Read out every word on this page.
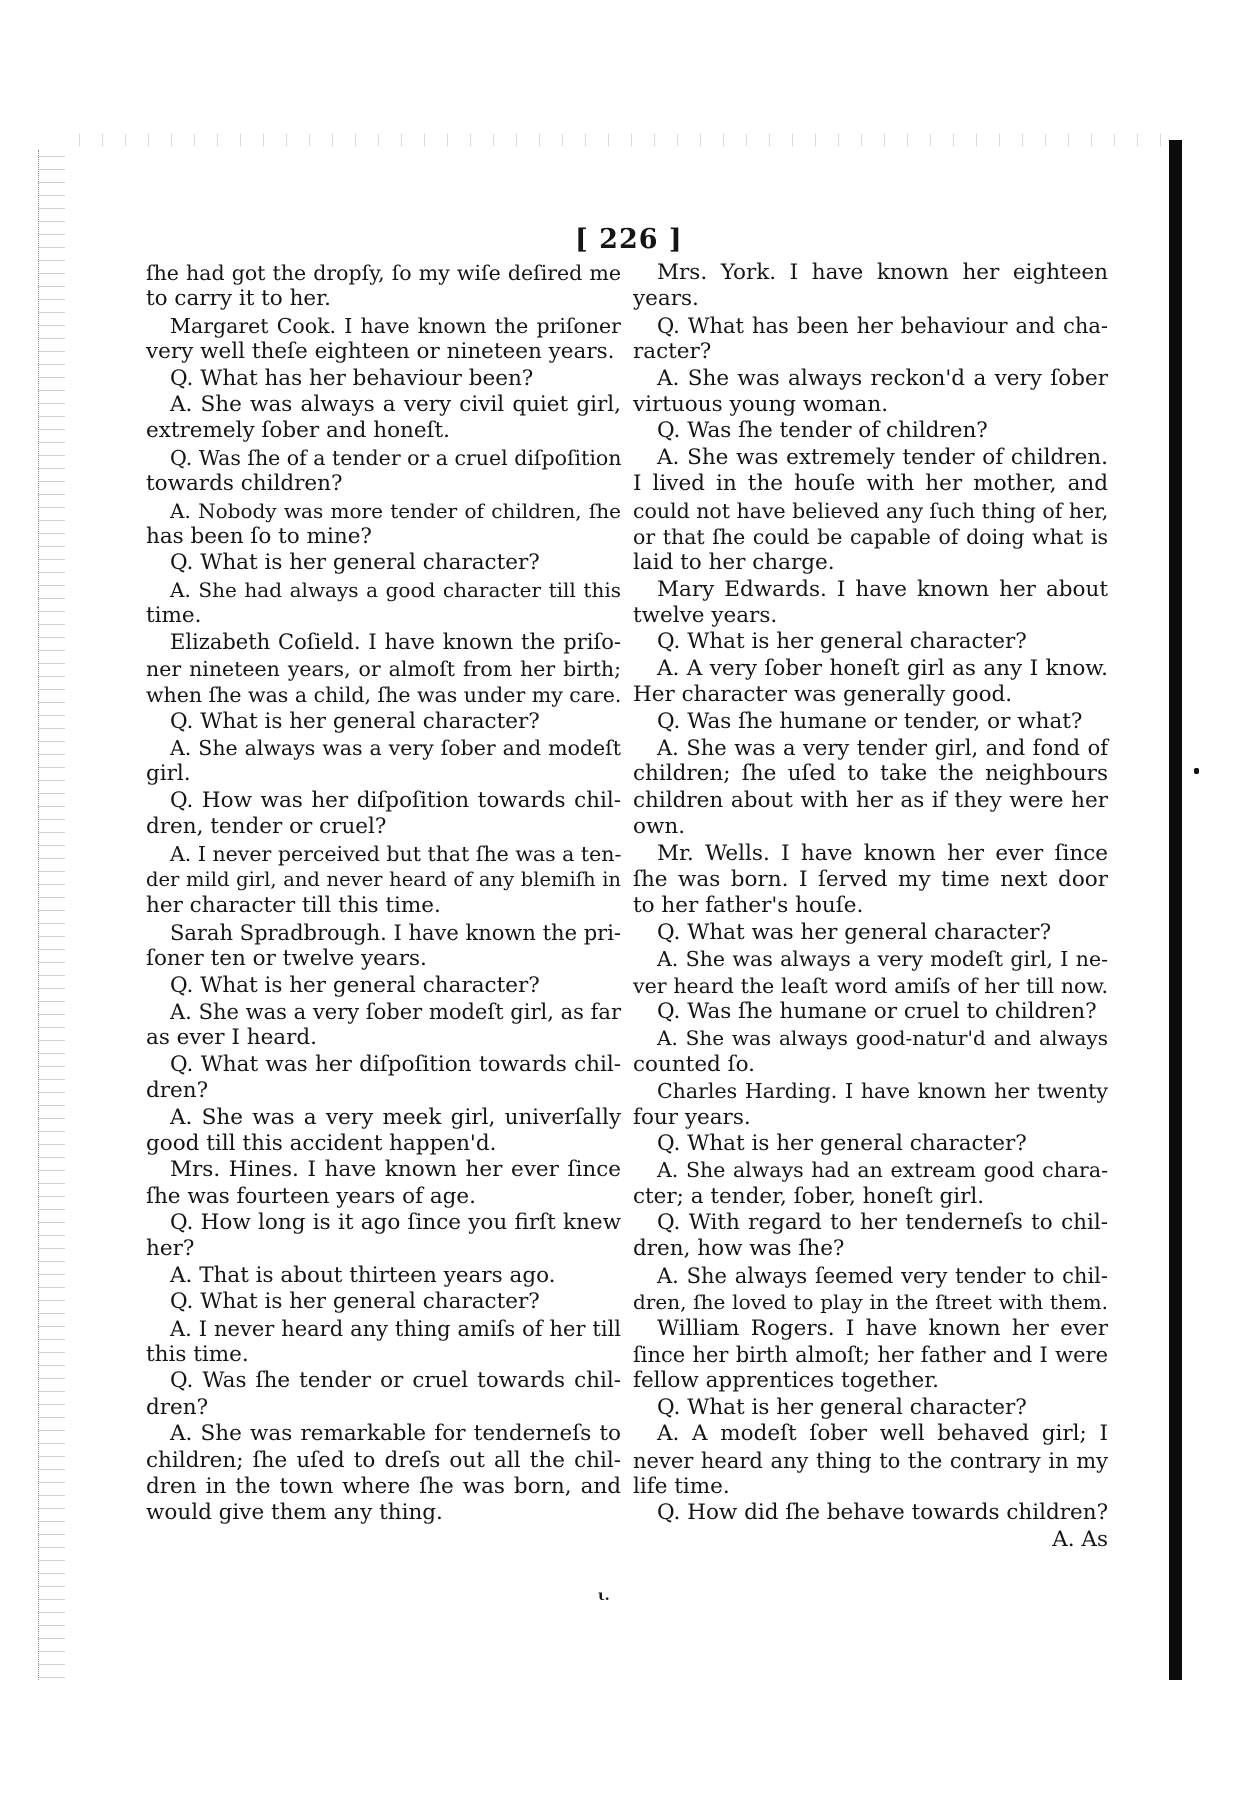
[ 226 ]
ſhe had got the dropſy, ſo my wiſe deſired me
to carry it to her.
Margaret Cook. I have known the priſoner
very well theſe eighteen or nineteen years.
Q. What has her behaviour been?
A. She was always a very civil quiet girl,
extremely ſober and honeſt.
Q. Was ſhe of a tender or a cruel diſpoſition
towards children?
A. Nobody was more tender of children, ſhe
has been ſo to mine?
Q. What is her general character?
A. She had always a good character till this
time.
Elizabeth Coſield. I have known the priſo-
ner nineteen years, or almoſt from her birth;
when ſhe was a child, ſhe was under my care.
Q. What is her general character?
A. She always was a very ſober and modeſt
girl.
Q. How was her diſpoſition towards chil-
dren, tender or cruel?
A. I never perceived but that ſhe was a ten-
der mild girl, and never heard of any blemiſh in
her character till this time.
Sarah Spradbrough. I have known the pri-
ſoner ten or twelve years.
Q. What is her general character?
A. She was a very ſober modeſt girl, as far
as ever I heard.
Q. What was her diſpoſition towards chil-
dren?
A. She was a very meek girl, univerſally
good till this accident happen'd.
Mrs. Hines. I have known her ever ſince
ſhe was fourteen years of age.
Q. How long is it ago ſince you firſt knew
her?
A. That is about thirteen years ago.
Q. What is her general character?
A. I never heard any thing amiſs of her till
this time.
Q. Was ſhe tender or cruel towards chil-
dren?
A. She was remarkable for tenderneſs to
children; ſhe uſed to dreſs out all the chil-
dren in the town where ſhe was born, and
would give them any thing.
Mrs. York. I have known her eighteen
years.
Q. What has been her behaviour and cha-
racter?
A. She was always reckon'd a very ſober
virtuous young woman.
Q. Was ſhe tender of children?
A. She was extremely tender of children.
I lived in the houſe with her mother, and
could not have believed any ſuch thing of her,
or that ſhe could be capable of doing what is
laid to her charge.
Mary Edwards. I have known her about
twelve years.
Q. What is her general character?
A. A very ſober honeſt girl as any I know.
Her character was generally good.
Q. Was ſhe humane or tender, or what?
A. She was a very tender girl, and fond of
children; ſhe uſed to take the neighbours
children about with her as if they were her
own.
Mr. Wells. I have known her ever ſince
ſhe was born. I ſerved my time next door
to her father's houſe.
Q. What was her general character?
A. She was always a very modeſt girl, I ne-
ver heard the leaſt word amiſs of her till now.
Q. Was ſhe humane or cruel to children?
A. She was always good-natur'd and always
counted ſo.
Charles Harding. I have known her twenty
four years.
Q. What is her general character?
A. She always had an extream good chara-
cter; a tender, ſober, honeſt girl.
Q. With regard to her tenderneſs to chil-
dren, how was ſhe?
A. She always ſeemed very tender to chil-
dren, ſhe loved to play in the ſtreet with them.
William Rogers. I have known her ever
ſince her birth almoſt; her father and I were
fellow apprentices together.
Q. What is her general character?
A. A modeſt ſober well behaved girl; I
never heard any thing to the contrary in my
life time.
Q. How did ſhe behave towards children?
A. As
ι.
